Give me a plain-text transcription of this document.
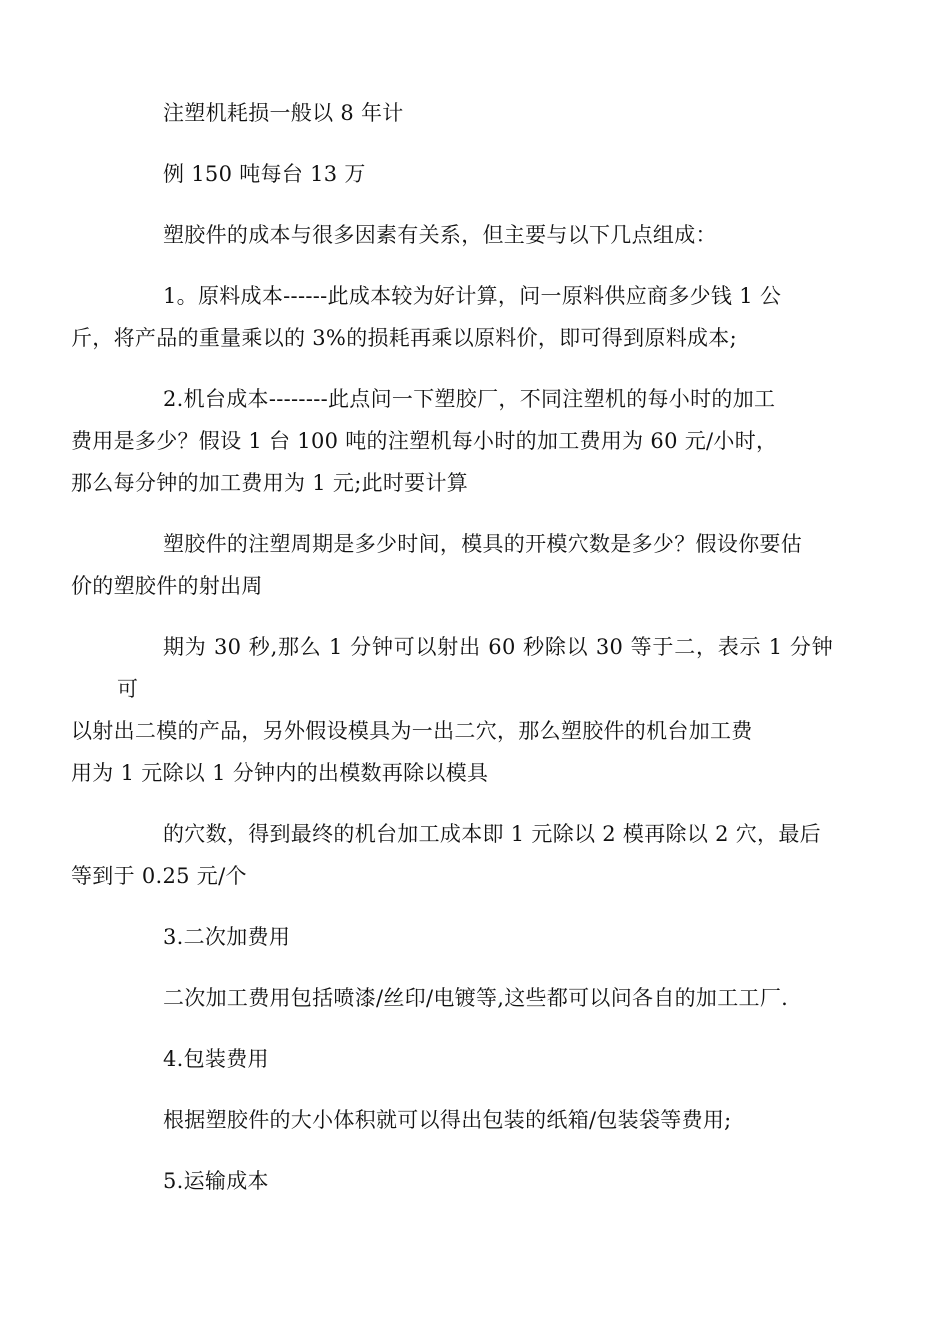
注塑机耗损一般以 8 年计

例 150 吨每台 13 万

塑胶件的成本与很多因素有关系，但主要与以下几点组成：

1。原料成本------此成本较为好计算，问一原料供应商多少钱 1 公
斤，将产品的重量乘以的 3%的损耗再乘以原料价，即可得到原料成本;

2.机台成本--------此点问一下塑胶厂，不同注塑机的每小时的加工
费用是多少？假设 1 台 100 吨的注塑机每小时的加工费用为 60 元/小时，
那么每分钟的加工费用为 1 元;此时要计算

塑胶件的注塑周期是多少时间，模具的开模穴数是多少？假设你要估
价的塑胶件的射出周

期为 30 秒,那么 1 分钟可以射出 60 秒除以 30 等于二，表示 1 分钟可
以射出二模的产品，另外假设模具为一出二穴，那么塑胶件的机台加工费
用为 1 元除以 1 分钟内的出模数再除以模具

的穴数，得到最终的机台加工成本即 1 元除以 2 模再除以 2 穴，最后
等到于 0.25 元/个

3.二次加费用

二次加工费用包括喷漆/丝印/电镀等,这些都可以问各自的加工工厂.

4.包装费用

根据塑胶件的大小体积就可以得出包装的纸箱/包装袋等费用;

5.运输成本
